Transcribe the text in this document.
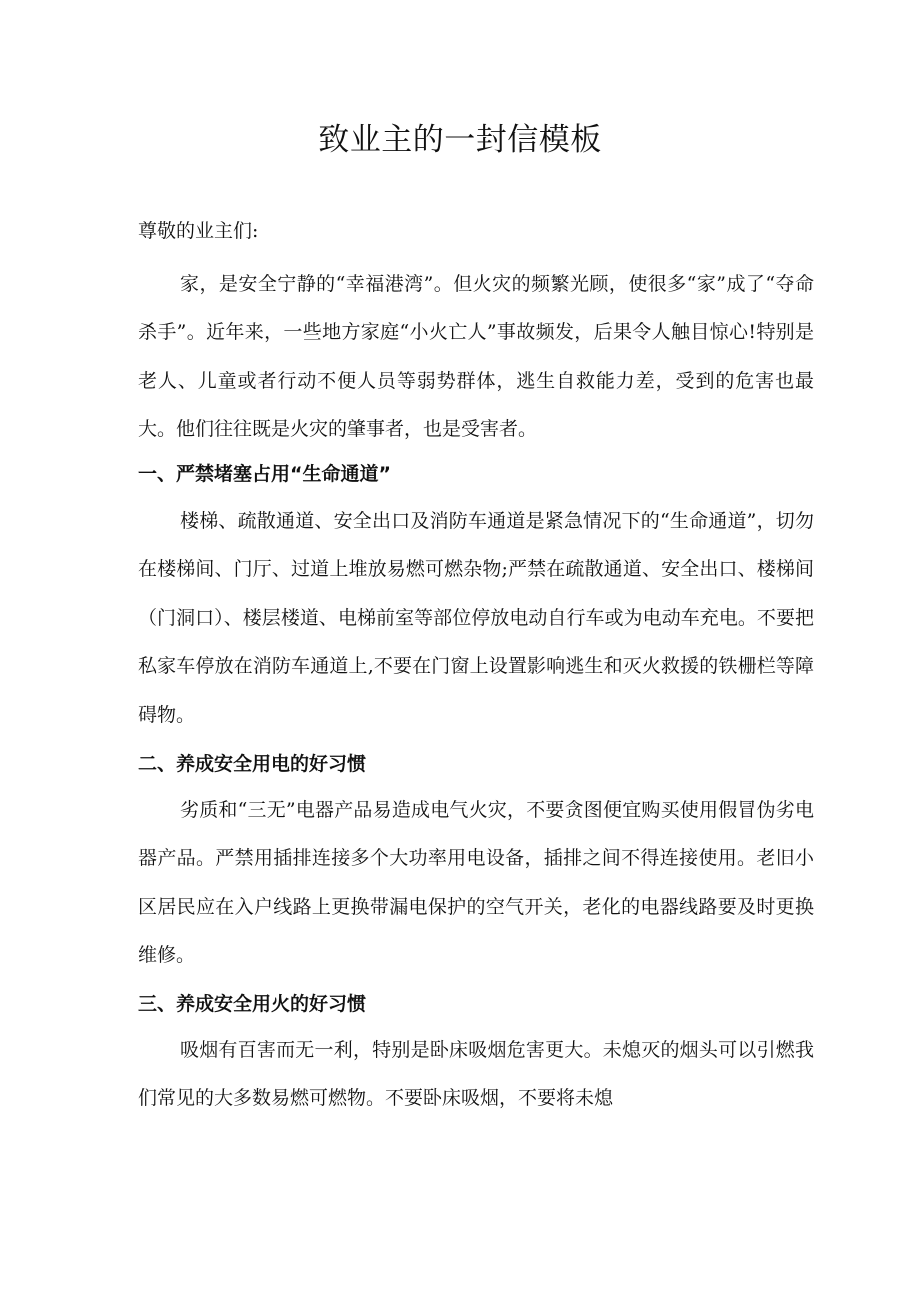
致业主的一封信模板

尊敬的业主们:

家，是安全宁静的“幸福港湾”。但火灾的频繁光顾，使很多“家”成了“夺命杀手”。近年来，一些地方家庭“小火亡人”事故频发，后果令人触目惊心!特别是老人、儿童或者行动不便人员等弱势群体，逃生自救能力差，受到的危害也最大。他们往往既是火灾的肇事者，也是受害者。

一、严禁堵塞占用“生命通道”

楼梯、疏散通道、安全出口及消防车通道是紧急情况下的“生命通道”，切勿在楼梯间、门厅、过道上堆放易燃可燃杂物;严禁在疏散通道、安全出口、楼梯间（门洞口）、楼层楼道、电梯前室等部位停放电动自行车或为电动车充电。不要把私家车停放在消防车通道上,不要在门窗上设置影响逃生和灭火救援的铁栅栏等障碍物。

二、养成安全用电的好习惯

劣质和“三无”电器产品易造成电气火灾，不要贪图便宜购买使用假冒伪劣电器产品。严禁用插排连接多个大功率用电设备，插排之间不得连接使用。老旧小区居民应在入户线路上更换带漏电保护的空气开关，老化的电器线路要及时更换维修。

三、养成安全用火的好习惯

吸烟有百害而无一利，特别是卧床吸烟危害更大。未熄灭的烟头可以引燃我们常见的大多数易燃可燃物。不要卧床吸烟，不要将未熄
